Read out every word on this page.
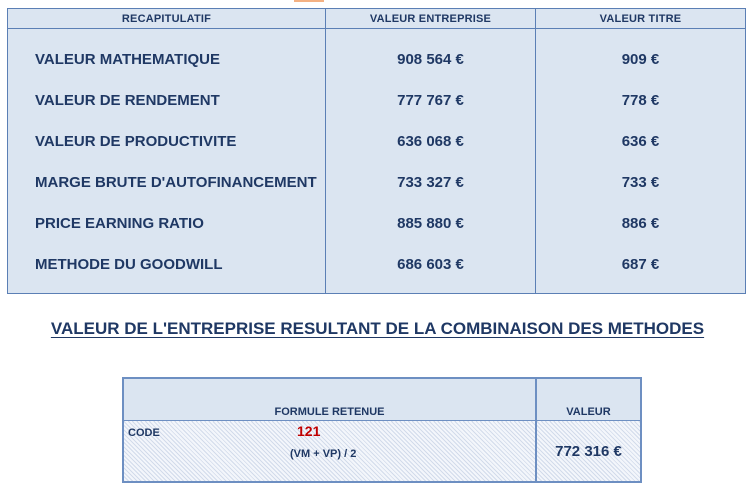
RECAPITULATIF	VALEUR ENTREPRISE	VALEUR TITRE
VALEUR MATHEMATIQUE	908 564 €	909 €
VALEUR DE RENDEMENT	777 767 €	778 €
VALEUR DE PRODUCTIVITE	636 068 €	636 €
MARGE BRUTE D'AUTOFINANCEMENT	733 327 €	733 €
PRICE EARNING RATIO	885 880 €	886 €
METHODE DU GOODWILL	686 603 €	687 €
VALEUR DE L'ENTREPRISE RESULTANT DE LA COMBINAISON DES METHODES
FORMULE RETENUE	VALEUR

CODE 121
(VM + VP) / 2	772 316 €
